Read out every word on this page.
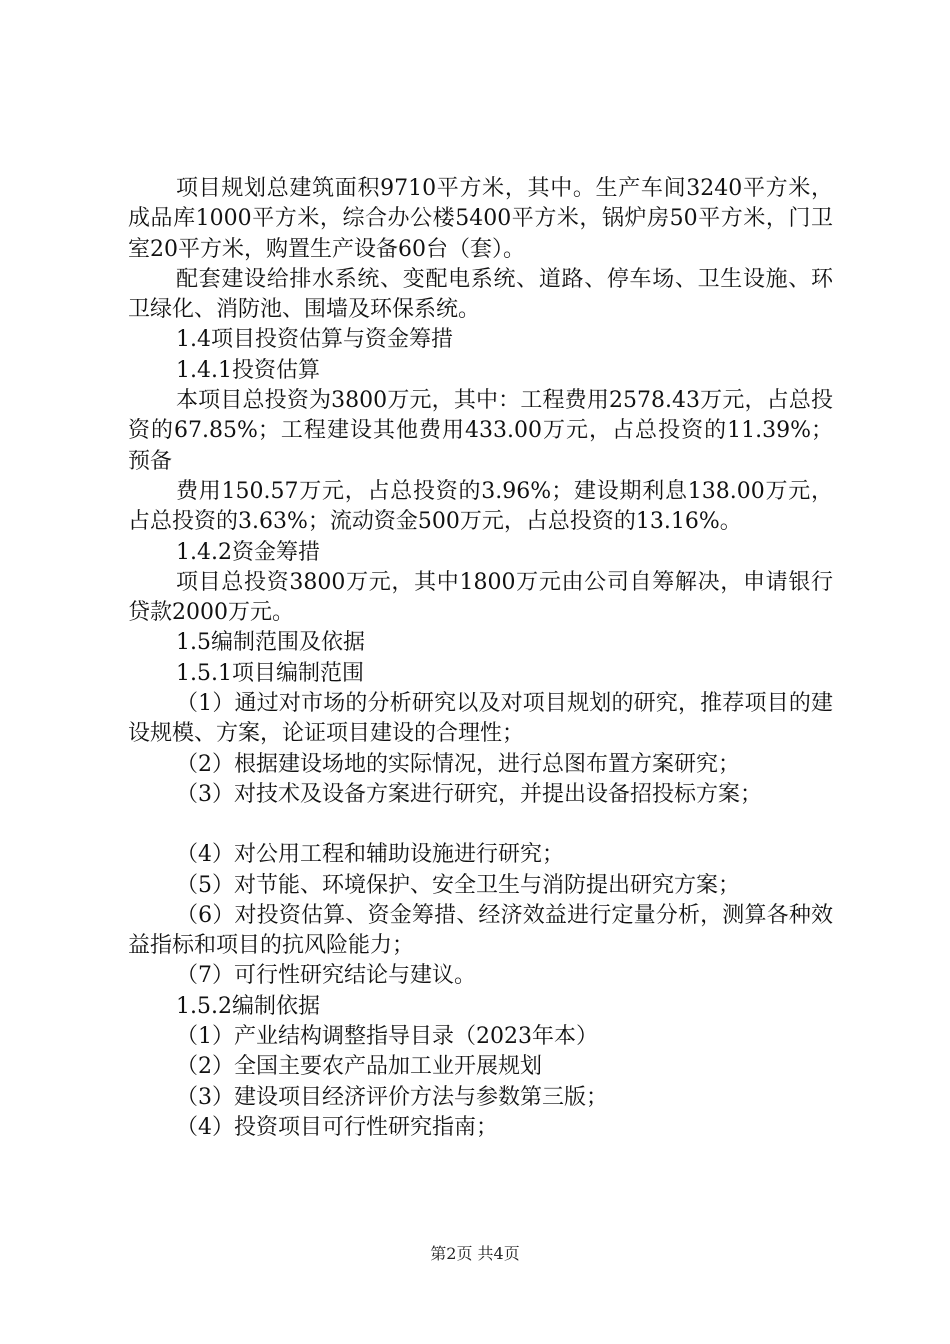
项目规划总建筑面积9710平方米，其中。生产车间3240平方米，成品库1000平方米，综合办公楼5400平方米，锅炉房50平方米，门卫室20平方米，购置生产设备60台（套）。

配套建设给排水系统、变配电系统、道路、停车场、卫生设施、环卫绿化、消防池、围墙及环保系统。

1.4项目投资估算与资金筹措

1.4.1投资估算

本项目总投资为3800万元，其中：工程费用2578.43万元，占总投资的67.85%；工程建设其他费用433.00万元，占总投资的11.39%；预备

费用150.57万元，占总投资的3.96%；建设期利息138.00万元，占总投资的3.63%；流动资金500万元，占总投资的13.16%。

1.4.2资金筹措

项目总投资3800万元，其中1800万元由公司自筹解决，申请银行贷款2000万元。

1.5编制范围及依据

1.5.1项目编制范围

（1）通过对市场的分析研究以及对项目规划的研究，推荐项目的建设规模、方案，论证项目建设的合理性；

（2）根据建设场地的实际情况，进行总图布置方案研究；

（3）对技术及设备方案进行研究，并提出设备招投标方案；

（4）对公用工程和辅助设施进行研究；

（5）对节能、环境保护、安全卫生与消防提出研究方案；

（6）对投资估算、资金筹措、经济效益进行定量分析，测算各种效益指标和项目的抗风险能力；

（7）可行性研究结论与建议。

1.5.2编制依据

（1）产业结构调整指导目录（2023年本）

（2）全国主要农产品加工业开展规划

（3）建设项目经济评价方法与参数第三版；

（4）投资项目可行性研究指南；

第2页 共4页
